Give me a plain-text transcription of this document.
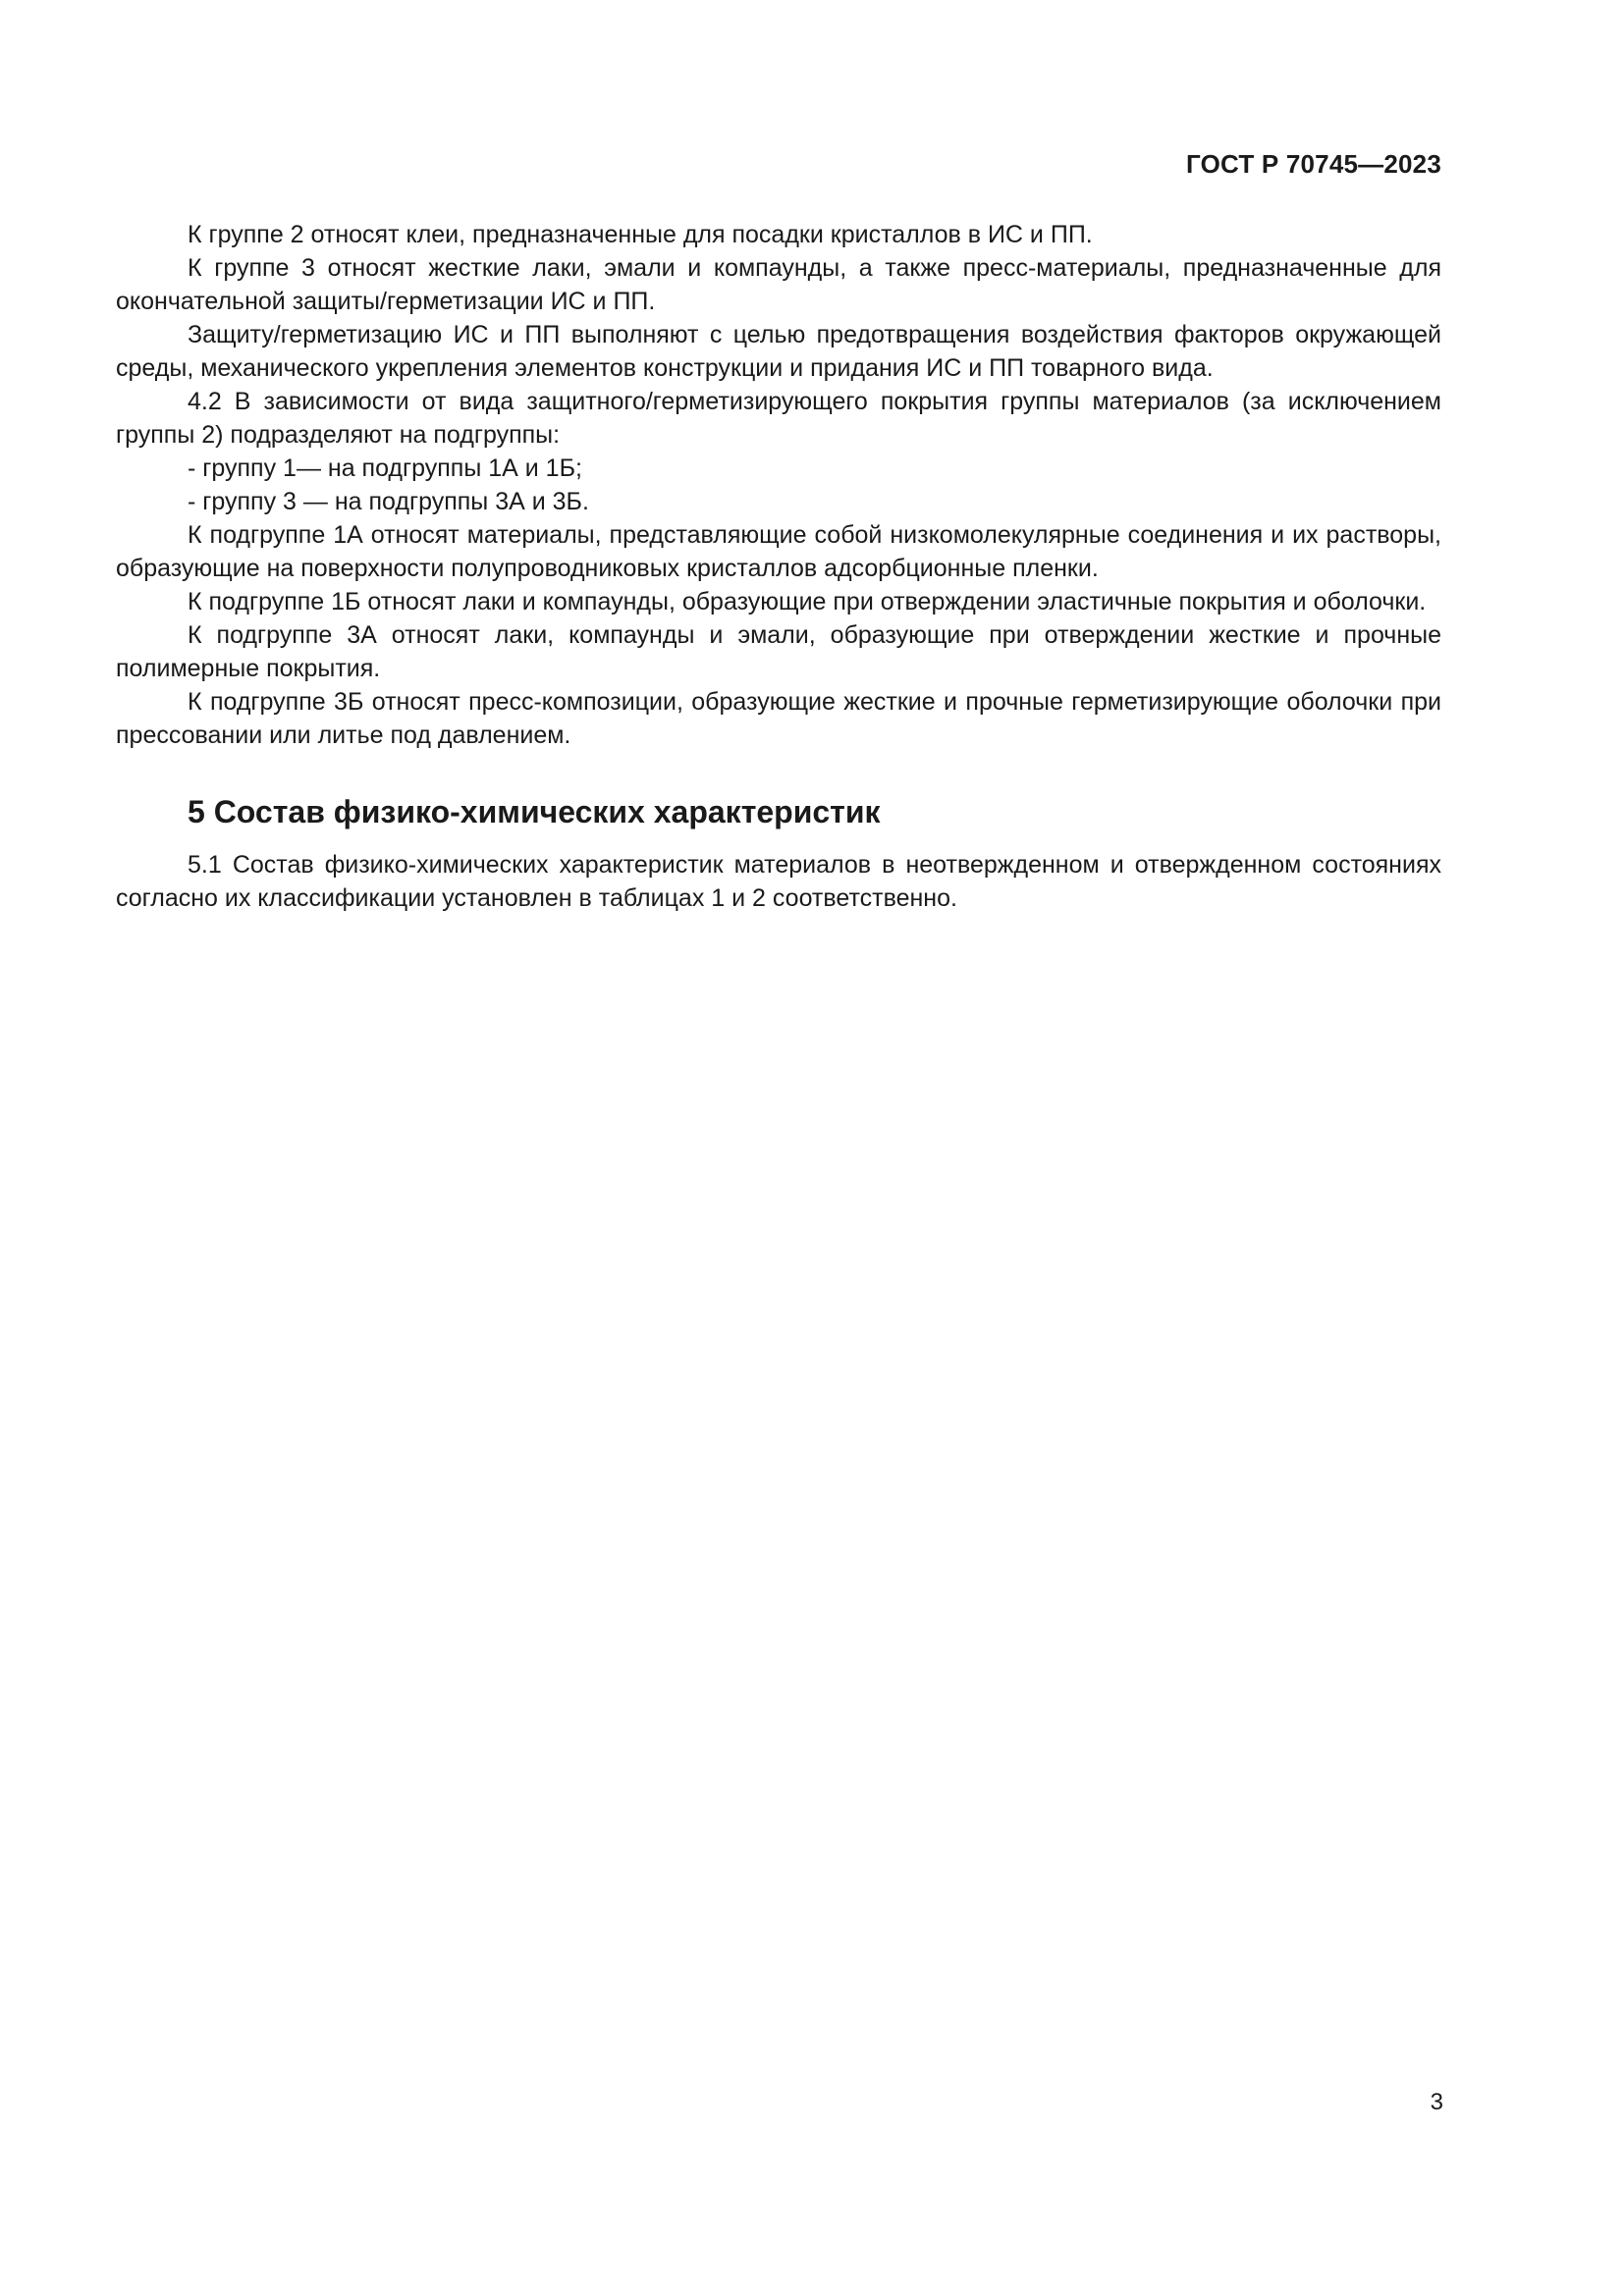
ГОСТ Р 70745—2023

К группе 2 относят клеи, предназначенные для посадки кристаллов в ИС и ПП.

К группе 3 относят жесткие лаки, эмали и компаунды, а также пресс-материалы, предназначенные для окончательной защиты/герметизации ИС и ПП.

Защиту/герметизацию ИС и ПП выполняют с целью предотвращения воздействия факторов окружающей среды, механического укрепления элементов конструкции и придания ИС и ПП товарного вида.

4.2 В зависимости от вида защитного/герметизирующего покрытия группы материалов (за исключением группы 2) подразделяют на подгруппы:

- группу 1— на подгруппы 1А и 1Б;

- группу 3 — на подгруппы 3А и 3Б.

К подгруппе 1А относят материалы, представляющие собой низкомолекулярные соединения и их растворы, образующие на поверхности полупроводниковых кристаллов адсорбционные пленки.

К подгруппе 1Б относят лаки и компаунды, образующие при отверждении эластичные покрытия и оболочки.

К подгруппе 3А относят лаки, компаунды и эмали, образующие при отверждении жесткие и прочные полимерные покрытия.

К подгруппе 3Б относят пресс-композиции, образующие жесткие и прочные герметизирующие оболочки при прессовании или литье под давлением.

5 Состав физико-химических характеристик

5.1 Состав физико-химических характеристик материалов в неотвержденном и отвержденном состояниях согласно их классификации установлен в таблицах 1 и 2 соответственно.

3
